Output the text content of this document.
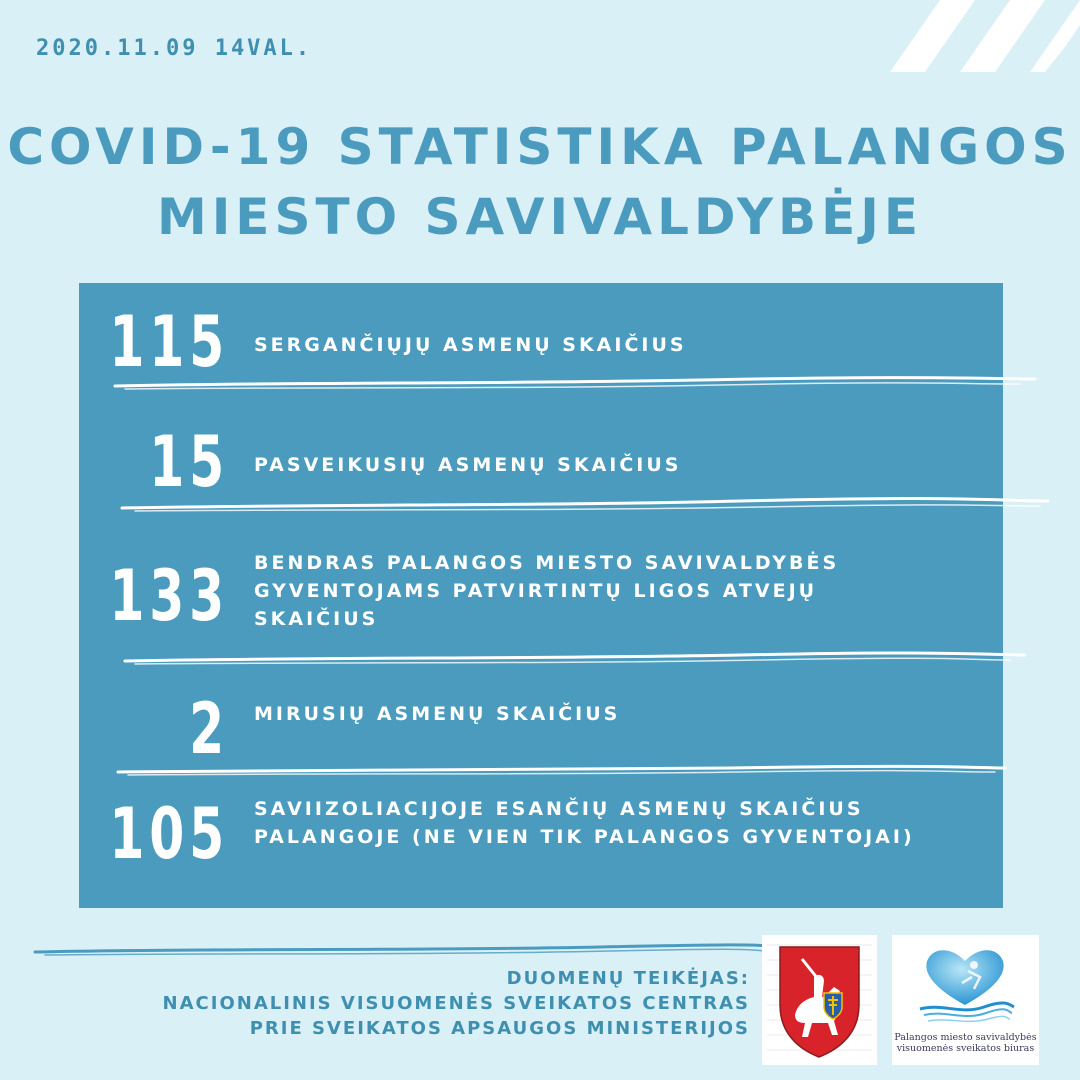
2020.11.09 14VAL.
COVID-19 STATISTIKA PALANGOS
MIESTO SAVIVALDYBĖJE
115 SERGANČIŲJŲ ASMENŲ SKAIČIUS
15 PASVEIKUSIŲ ASMENŲ SKAIČIUS
133 BENDRAS PALANGOS MIESTO SAVIVALDYBĖS
GYVENTOJAMS PATVIRTINTŲ LIGOS ATVEJŲ
SKAIČIUS
2 MIRUSIŲ ASMENŲ SKAIČIUS
105 SAVIIZOLIACIJOJE ESANČIŲ ASMENŲ SKAIČIUS
PALANGOJE (NE VIEN TIK PALANGOS GYVENTOJAI)
DUOMENŲ TEIKĖJAS:
NACIONALINIS VISUOMENĖS SVEIKATOS CENTRAS
PRIE SVEIKATOS APSAUGOS MINISTERIJOS	Palangos miesto savivaldybės
visuomenės sveikatos biuras
